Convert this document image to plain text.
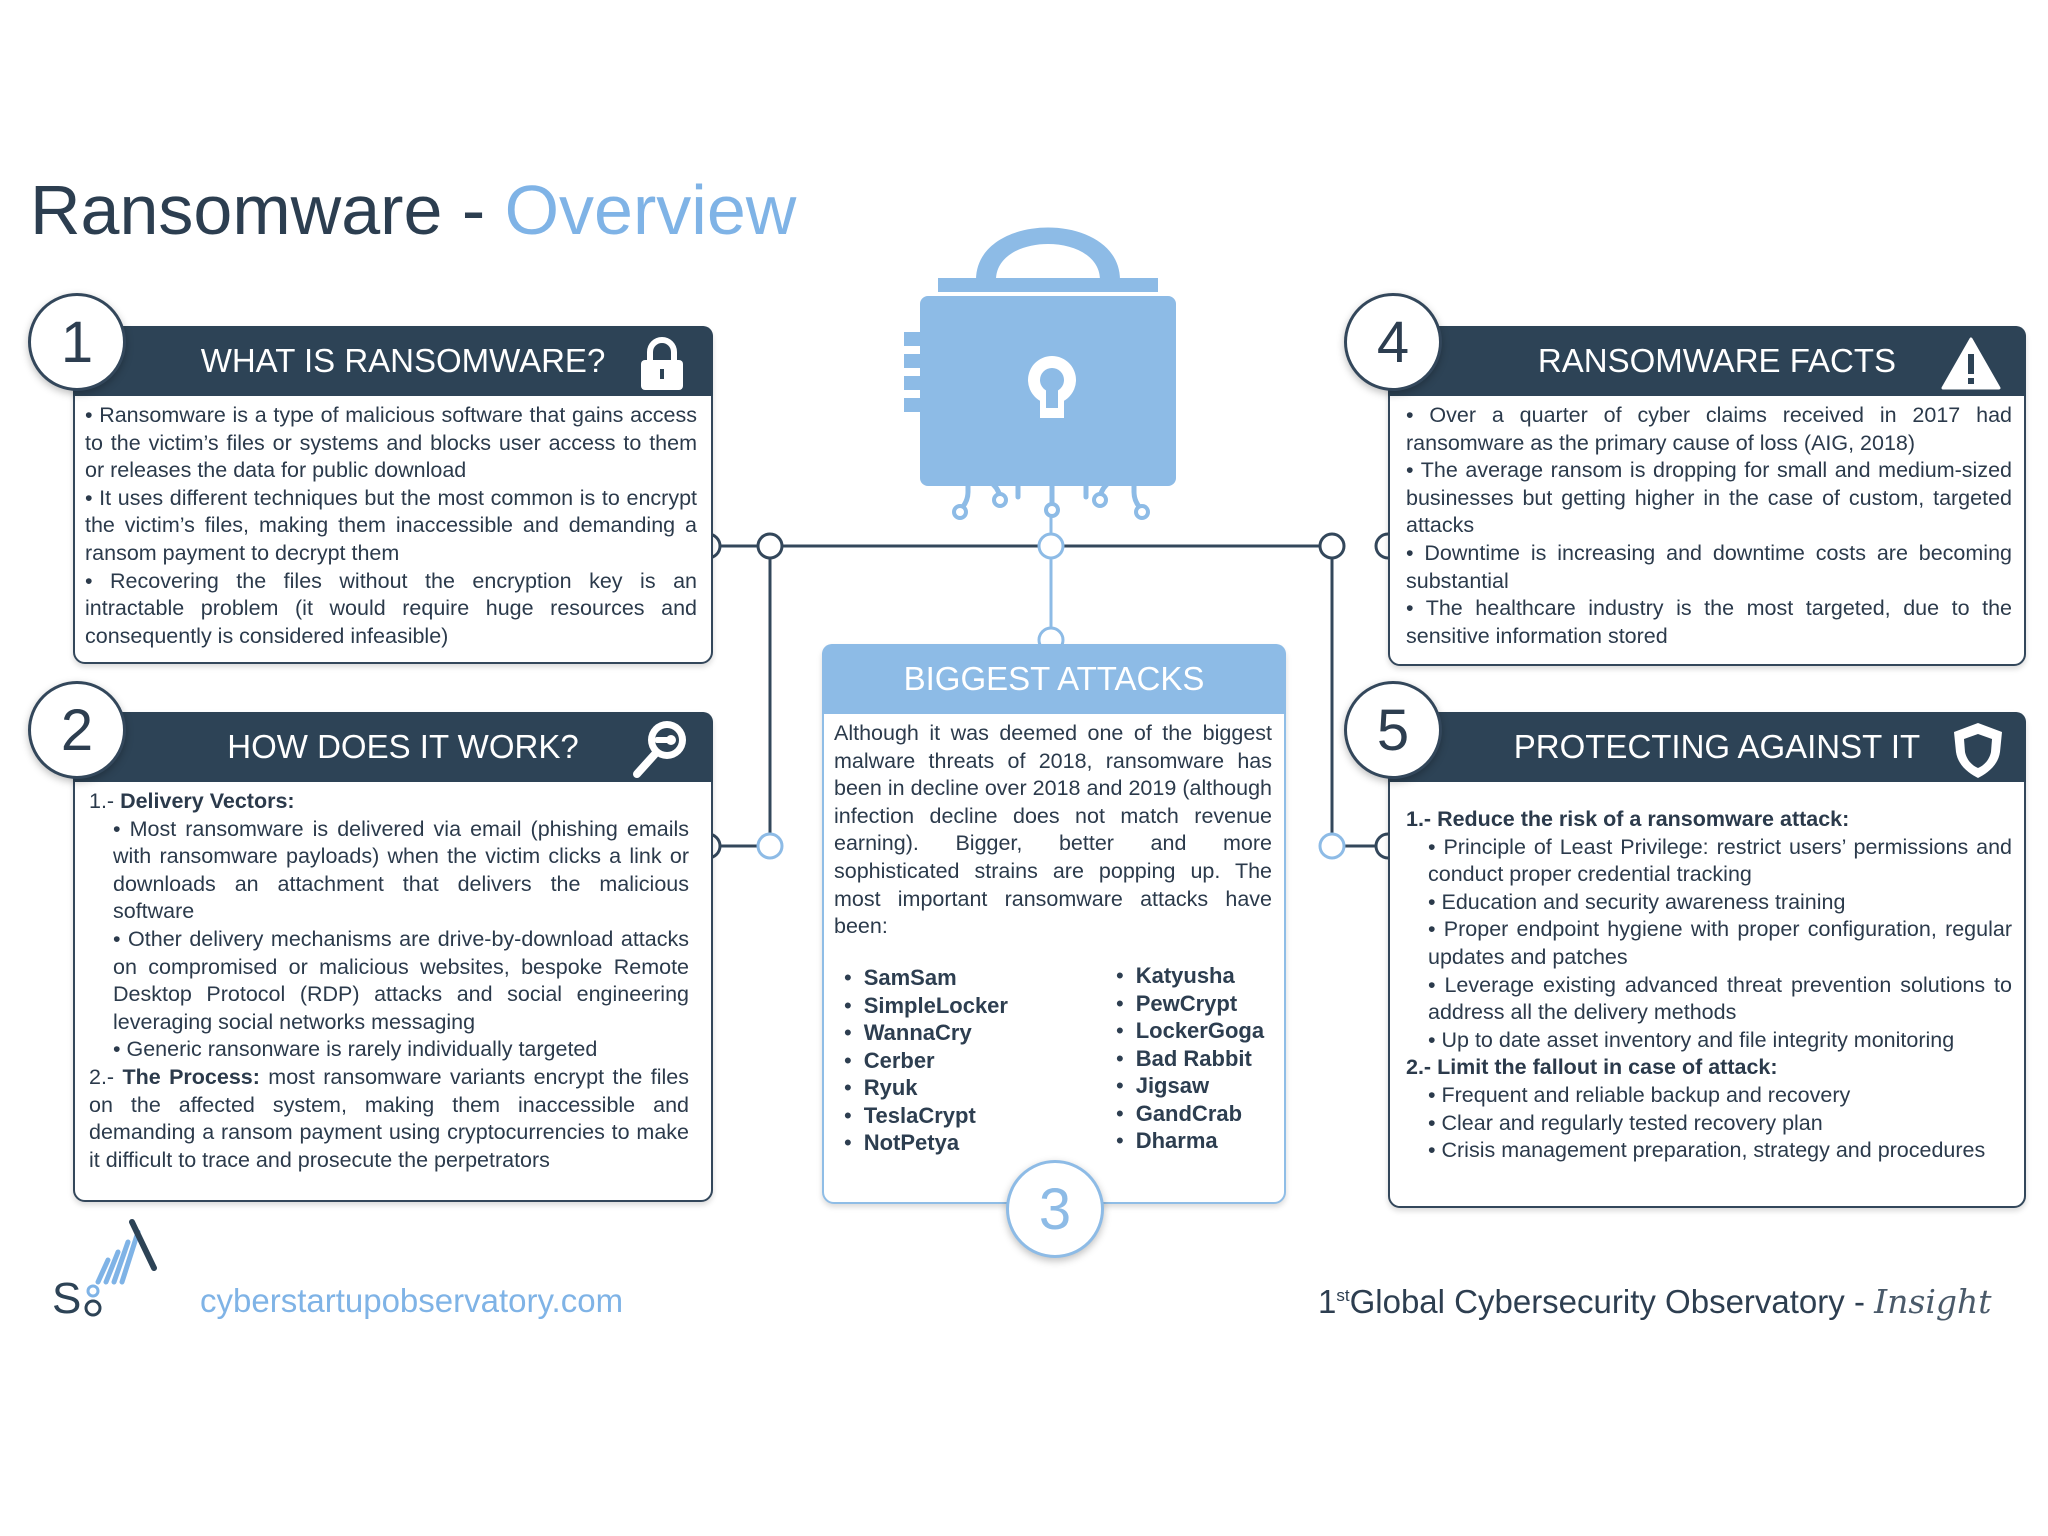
Ransomware - Overview
WHAT IS RANSOMWARE?

• Ransomware is a type of malicious software that gains access to the victim’s files or systems and blocks user access to them or releases the data for public download

• It uses different techniques but the most common is to encrypt the victim’s files, making them inaccessible and demanding a ransom payment to decrypt them

• Recovering the files without the encryption key is an intractable problem (it would require huge resources and consequently is considered infeasible)

1
HOW DOES IT WORK?

1.- Delivery Vectors:

• Most ransomware is delivered via email (phishing emails with ransomware payloads) when the victim clicks a link or downloads an attachment that delivers the malicious software

• Other delivery mechanisms are drive-by-download attacks on compromised or malicious websites, bespoke Remote Desktop Protocol (RDP) attacks and social engineering leveraging social networks messaging

• Generic ransonware is rarely individually targeted

2.- The Process: most ransomware variants encrypt the files on the affected system, making them inaccessible and demanding a ransom payment using cryptocurrencies to make it difficult to trace and prosecute the perpetrators

2
BIGGEST ATTACKS
Although it was deemed one of the biggest malware threats of 2018, ransomware has been in decline over 2018 and 2019 (although infection decline does not match revenue earning). Bigger, better and more sophisticated strains are popping up. The most important ransomware attacks have been:
• SamSam
• SimpleLocker
• WannaCry
• Cerber
• Ryuk
• TeslaCrypt
• NotPetya
• Katyusha
• PewCrypt
• LockerGoga
• Bad Rabbit
• Jigsaw
• GandCrab
• Dharma
3
RANSOMWARE FACTS

• Over a quarter of cyber claims received in 2017 had ransomware as the primary cause of loss (AIG, 2018)

• The average ransom is dropping for small and medium-sized businesses but getting higher in the case of custom, targeted attacks

• Downtime is increasing and downtime costs are becoming substantial

• The healthcare industry is the most targeted, due to the sensitive information stored

4
PROTECTING AGAINST IT

1.- Reduce the risk of a ransomware attack:

• Principle of Least Privilege: restrict users’ permissions and conduct proper credential tracking

• Education and security awareness training

• Proper endpoint hygiene with proper configuration, regular updates and patches

• Leverage existing advanced threat prevention solutions to address all the delivery methods

• Up to date asset inventory and file integrity monitoring

2.- Limit the fallout in case of attack:

• Frequent and reliable backup and recovery

• Clear and regularly tested recovery plan

• Crisis management preparation, strategy and procedures

5
S	cyberstartupobservatory.com	1stGlobal Cybersecurity Observatory - Insight
